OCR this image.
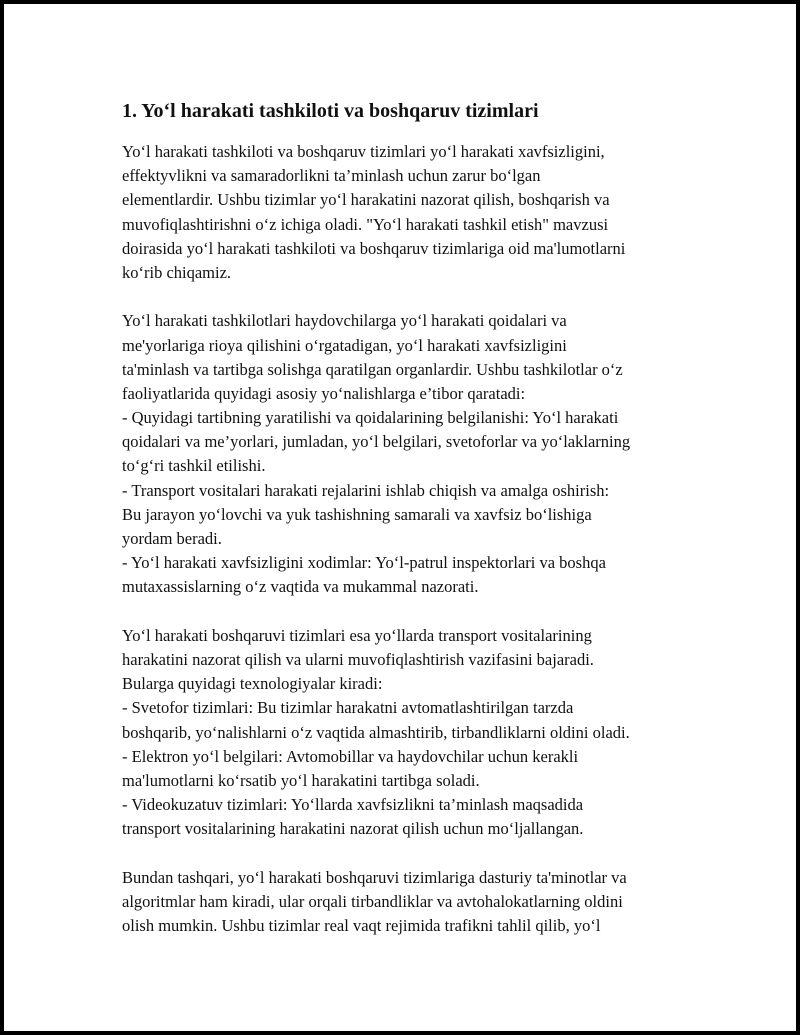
1. Yo‘l harakati tashkiloti va boshqaruv tizimlari
Yo‘l harakati tashkiloti va boshqaruv tizimlari yo‘l harakati xavfsizligini,
effektyvlikni va samaradorlikni ta’minlash uchun zarur bo‘lgan
elementlardir. Ushbu tizimlar yo‘l harakatini nazorat qilish, boshqarish va
muvofiqlashtirishni o‘z ichiga oladi. "Yo‘l harakati tashkil etish" mavzusi
doirasida yo‘l harakati tashkiloti va boshqaruv tizimlariga oid ma'lumotlarni
ko‘rib chiqamiz.
Yo‘l harakati tashkilotlari haydovchilarga yo‘l harakati qoidalari va
me'yorlariga rioya qilishini o‘rgatadigan, yo‘l harakati xavfsizligini
ta'minlash va tartibga solishga qaratilgan organlardir. Ushbu tashkilotlar o‘z
faoliyatlarida quyidagi asosiy yo‘nalishlarga e’tibor qaratadi:
- Quyidagi tartibning yaratilishi va qoidalarining belgilanishi: Yo‘l harakati
qoidalari va me’yorlari, jumladan, yo‘l belgilari, svetoforlar va yo‘laklarning
to‘g‘ri tashkil etilishi.
- Transport vositalari harakati rejalarini ishlab chiqish va amalga oshirish:
Bu jarayon yo‘lovchi va yuk tashishning samarali va xavfsiz bo‘lishiga
yordam beradi.
- Yo‘l harakati xavfsizligini xodimlar: Yo‘l-patrul inspektorlari va boshqa
mutaxassislarning o‘z vaqtida va mukammal nazorati.
Yo‘l harakati boshqaruvi tizimlari esa yo‘llarda transport vositalarining
harakatini nazorat qilish va ularni muvofiqlashtirish vazifasini bajaradi.
Bularga quyidagi texnologiyalar kiradi:
- Svetofor tizimlari: Bu tizimlar harakatni avtomatlashtirilgan tarzda
boshqarib, yo‘nalishlarni o‘z vaqtida almashtirib, tirbandliklarni oldini oladi.
- Elektron yo‘l belgilari: Avtomobillar va haydovchilar uchun kerakli
ma'lumotlarni ko‘rsatib yo‘l harakatini tartibga soladi.
- Videokuzatuv tizimlari: Yo‘llarda xavfsizlikni ta’minlash maqsadida
transport vositalarining harakatini nazorat qilish uchun mo‘ljallangan.
Bundan tashqari, yo‘l harakati boshqaruvi tizimlariga dasturiy ta'minotlar va
algoritmlar ham kiradi, ular orqali tirbandliklar va avtohalokatlarning oldini
olish mumkin. Ushbu tizimlar real vaqt rejimida trafikni tahlil qilib, yo‘l
